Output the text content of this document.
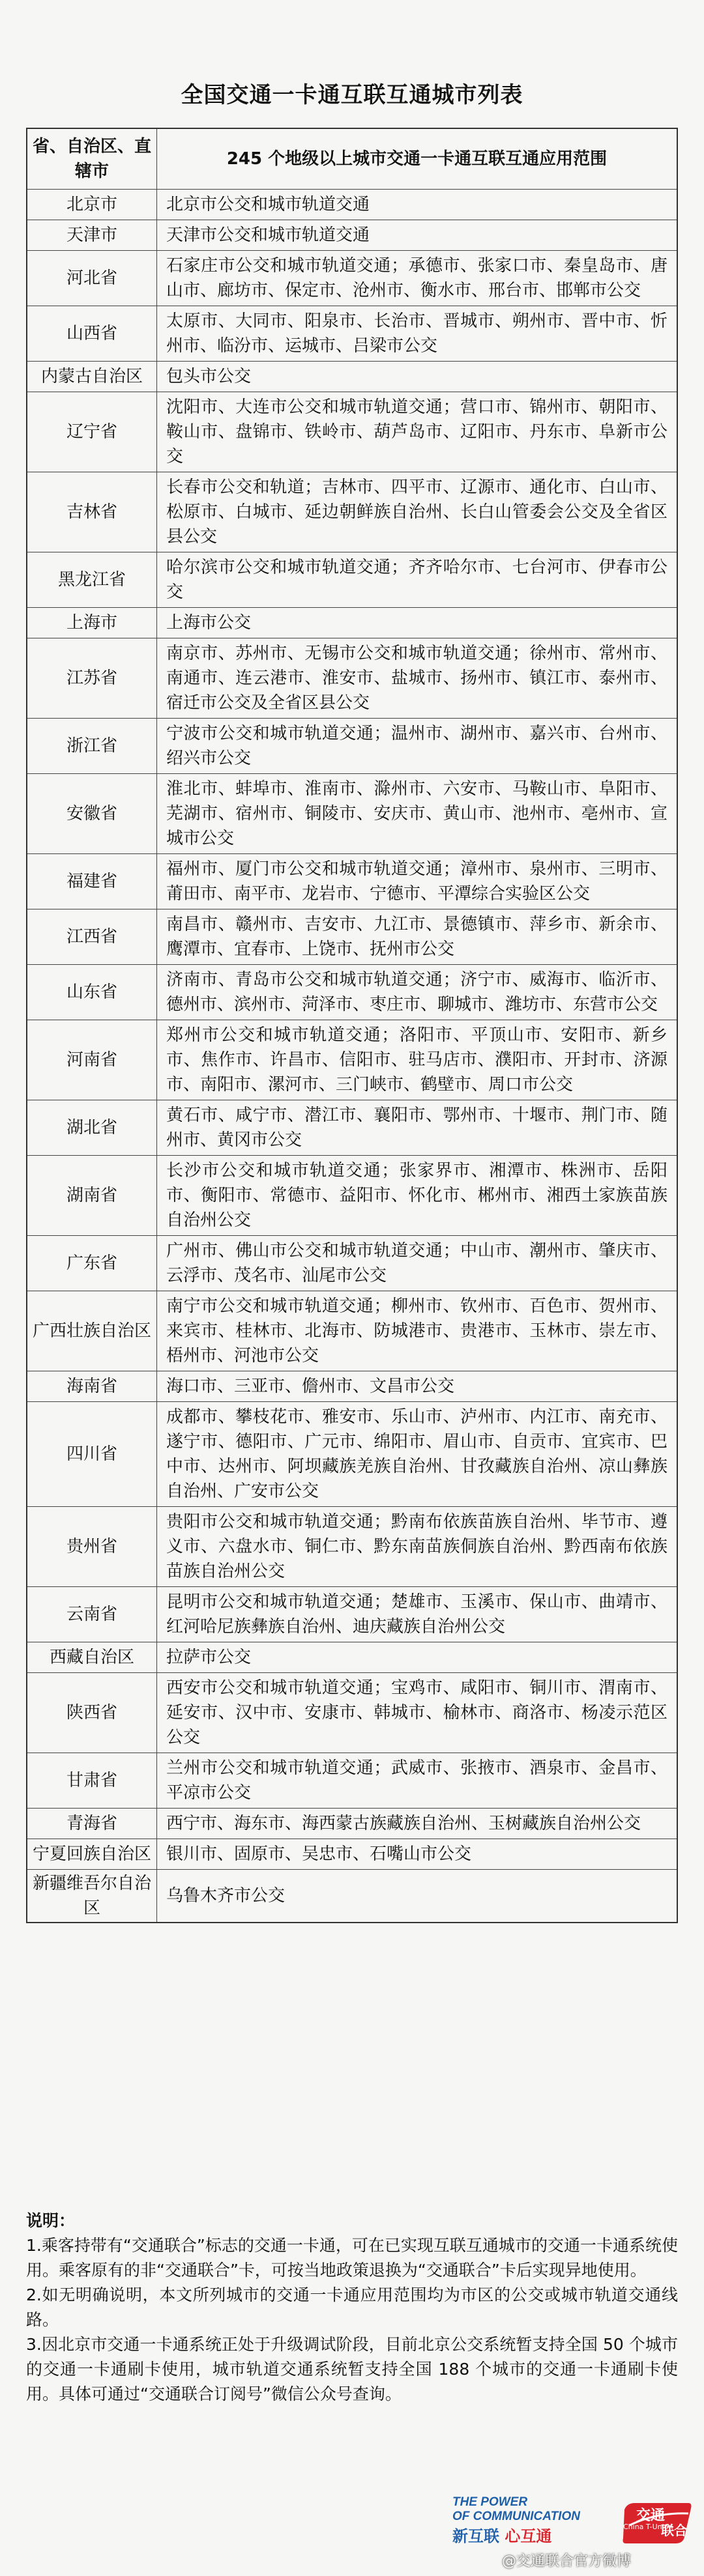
全国交通一卡通互联互通城市列表
省、自治区、直辖市	245 个地级以上城市交通一卡通互联互通应用范围
北京市	北京市公交和城市轨道交通
天津市	天津市公交和城市轨道交通
河北省	石家庄市公交和城市轨道交通；承德市、张家口市、秦皇岛市、唐山市、廊坊市、保定市、沧州市、衡水市、邢台市、邯郸市公交
山西省	太原市、大同市、阳泉市、长治市、晋城市、朔州市、晋中市、忻州市、临汾市、运城市、吕梁市公交
内蒙古自治区	包头市公交
辽宁省	沈阳市、大连市公交和城市轨道交通；营口市、锦州市、朝阳市、鞍山市、盘锦市、铁岭市、葫芦岛市、辽阳市、丹东市、阜新市公交
吉林省	长春市公交和轨道；吉林市、四平市、辽源市、通化市、白山市、松原市、白城市、延边朝鲜族自治州、长白山管委会公交及全省区县公交
黑龙江省	哈尔滨市公交和城市轨道交通；齐齐哈尔市、七台河市、伊春市公交
上海市	上海市公交
江苏省	南京市、苏州市、无锡市公交和城市轨道交通；徐州市、常州市、南通市、连云港市、淮安市、盐城市、扬州市、镇江市、泰州市、宿迁市公交及全省区县公交
浙江省	宁波市公交和城市轨道交通；温州市、湖州市、嘉兴市、台州市、绍兴市公交
安徽省	淮北市、蚌埠市、淮南市、滁州市、六安市、马鞍山市、阜阳市、芜湖市、宿州市、铜陵市、安庆市、黄山市、池州市、亳州市、宣城市公交
福建省	福州市、厦门市公交和城市轨道交通；漳州市、泉州市、三明市、莆田市、南平市、龙岩市、宁德市、平潭综合实验区公交
江西省	南昌市、赣州市、吉安市、九江市、景德镇市、萍乡市、新余市、鹰潭市、宜春市、上饶市、抚州市公交
山东省	济南市、青岛市公交和城市轨道交通；济宁市、威海市、临沂市、德州市、滨州市、菏泽市、枣庄市、聊城市、潍坊市、东营市公交
河南省	郑州市公交和城市轨道交通；洛阳市、平顶山市、安阳市、新乡市、焦作市、许昌市、信阳市、驻马店市、濮阳市、开封市、济源市、南阳市、漯河市、三门峡市、鹤壁市、周口市公交
湖北省	黄石市、咸宁市、潜江市、襄阳市、鄂州市、十堰市、荆门市、随州市、黄冈市公交
湖南省	长沙市公交和城市轨道交通；张家界市、湘潭市、株洲市、岳阳市、衡阳市、常德市、益阳市、怀化市、郴州市、湘西土家族苗族自治州公交
广东省	广州市、佛山市公交和城市轨道交通；中山市、潮州市、肇庆市、云浮市、茂名市、汕尾市公交
广西壮族自治区	南宁市公交和城市轨道交通；柳州市、钦州市、百色市、贺州市、来宾市、桂林市、北海市、防城港市、贵港市、玉林市、崇左市、梧州市、河池市公交
海南省	海口市、三亚市、儋州市、文昌市公交
四川省	成都市、攀枝花市、雅安市、乐山市、泸州市、内江市、南充市、遂宁市、德阳市、广元市、绵阳市、眉山市、自贡市、宜宾市、巴中市、达州市、阿坝藏族羌族自治州、甘孜藏族自治州、凉山彝族自治州、广安市公交
贵州省	贵阳市公交和城市轨道交通；黔南布依族苗族自治州、毕节市、遵义市、六盘水市、铜仁市、黔东南苗族侗族自治州、黔西南布依族苗族自治州公交
云南省	昆明市公交和城市轨道交通；楚雄市、玉溪市、保山市、曲靖市、红河哈尼族彝族自治州、迪庆藏族自治州公交
西藏自治区	拉萨市公交
陕西省	西安市公交和城市轨道交通；宝鸡市、咸阳市、铜川市、渭南市、延安市、汉中市、安康市、韩城市、榆林市、商洛市、杨凌示范区公交
甘肃省	兰州市公交和城市轨道交通；武威市、张掖市、酒泉市、金昌市、平凉市公交
青海省	西宁市、海东市、海西蒙古族藏族自治州、玉树藏族自治州公交
宁夏回族自治区	银川市、固原市、吴忠市、石嘴山市公交
新疆维吾尔自治区	乌鲁木齐市公交

说明：

1.乘客持带有“交通联合”标志的交通一卡通，可在已实现互联互通城市的交通一卡通系统使用。乘客原有的非“交通联合”卡，可按当地政策退换为“交通联合”卡后实现异地使用。

2.如无明确说明，本文所列城市的交通一卡通应用范围均为市区的公交或城市轨道交通线路。

3.因北京市交通一卡通系统正处于升级调试阶段，目前北京公交系统暂支持全国 50 个城市的交通一卡通刷卡使用，城市轨道交通系统暂支持全国 188 个城市的交通一卡通刷卡使用。具体可通过“交通联合订阅号”微信公众号查询。

THE POWER

OF COMMUNICATION

新互联 心互通

交通
China T-Union
联合
@交通联合官方微博
